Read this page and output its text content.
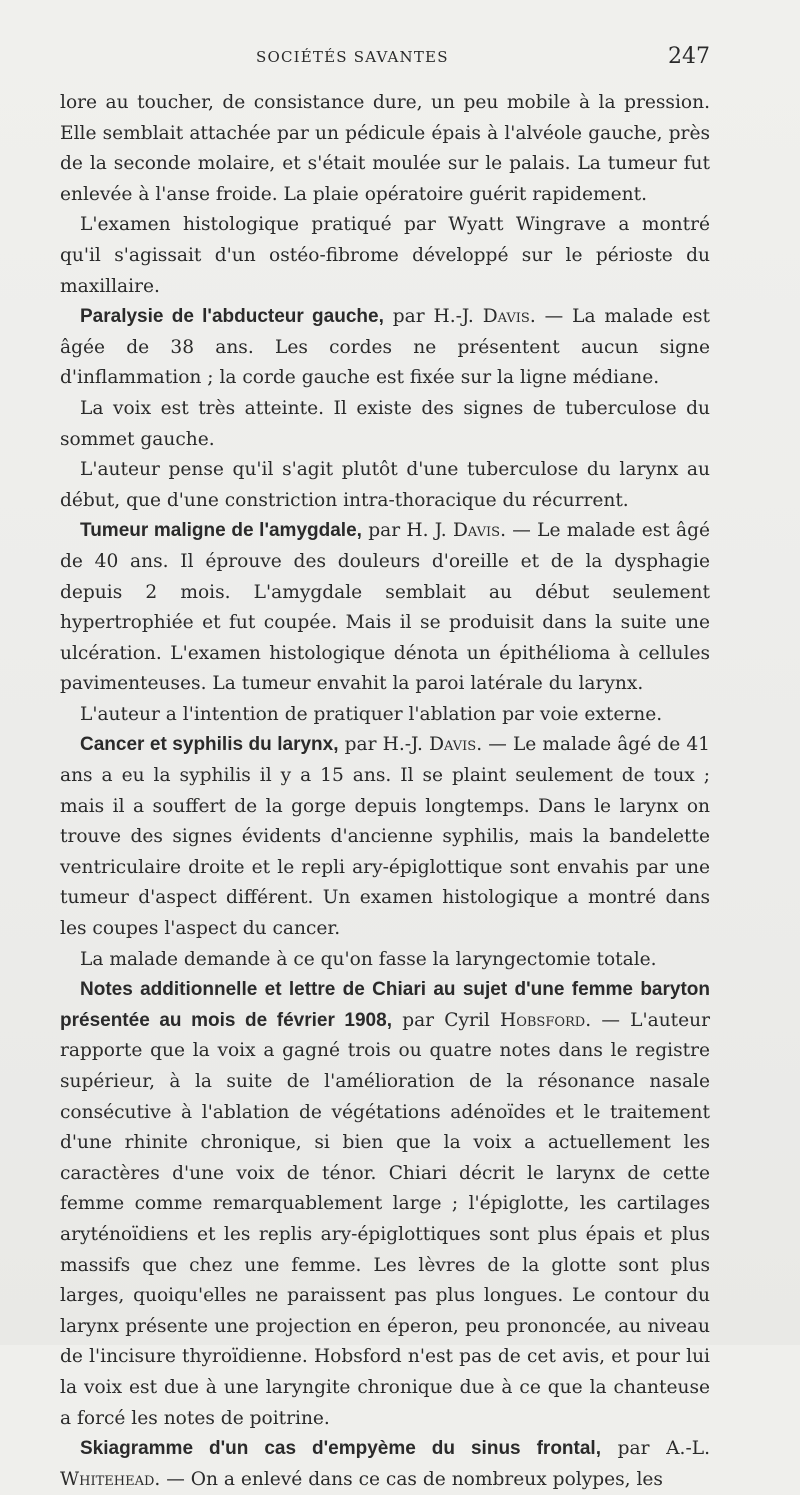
SOCIÉTÉS SAVANTES	247

lore au toucher, de consistance dure, un peu mobile à la pression. Elle semblait attachée par un pédicule épais à l'alvéole gauche, près de la seconde molaire, et s'était moulée sur le palais. La tumeur fut enlevée à l'anse froide. La plaie opératoire guérit rapidement.

L'examen histologique pratiqué par Wyatt Wingrave a montré qu'il s'agissait d'un ostéo-fibrome développé sur le périoste du maxillaire.

Paralysie de l'abducteur gauche, par H.-J. Davis. — La malade est âgée de 38 ans. Les cordes ne présentent aucun signe d'inflammation ; la corde gauche est fixée sur la ligne médiane.

La voix est très atteinte. Il existe des signes de tuberculose du sommet gauche.

L'auteur pense qu'il s'agit plutôt d'une tuberculose du larynx au début, que d'une constriction intra-thoracique du récurrent.

Tumeur maligne de l'amygdale, par H. J. Davis. — Le malade est âgé de 40 ans. Il éprouve des douleurs d'oreille et de la dysphagie depuis 2 mois. L'amygdale semblait au début seulement hypertrophiée et fut coupée. Mais il se produisit dans la suite une ulcération. L'examen histologique dénota un épithélioma à cellules pavimenteuses. La tumeur envahit la paroi latérale du larynx.

L'auteur a l'intention de pratiquer l'ablation par voie externe.

Cancer et syphilis du larynx, par H.-J. Davis. — Le malade âgé de 41 ans a eu la syphilis il y a 15 ans. Il se plaint seulement de toux ; mais il a souffert de la gorge depuis longtemps. Dans le larynx on trouve des signes évidents d'ancienne syphilis, mais la bandelette ventriculaire droite et le repli ary-épiglottique sont envahis par une tumeur d'aspect différent. Un examen histologique a montré dans les coupes l'aspect du cancer.

La malade demande à ce qu'on fasse la laryngectomie totale.

Notes additionnelle et lettre de Chiari au sujet d'une femme baryton présentée au mois de février 1908, par Cyril Hobsford. — L'auteur rapporte que la voix a gagné trois ou quatre notes dans le registre supérieur, à la suite de l'amélioration de la résonance nasale consécutive à l'ablation de végétations adénoïdes et le traitement d'une rhinite chronique, si bien que la voix a actuellement les caractères d'une voix de ténor. Chiari décrit le larynx de cette femme comme remarquablement large ; l'épiglotte, les cartilages aryténoïdiens et les replis ary-épiglottiques sont plus épais et plus massifs que chez une femme. Les lèvres de la glotte sont plus larges, quoiqu'elles ne paraissent pas plus longues. Le contour du larynx présente une projection en éperon, peu prononcée, au niveau de l'incisure thyroïdienne. Hobsford n'est pas de cet avis, et pour lui la voix est due à une laryngite chronique due à ce que la chanteuse a forcé les notes de poitrine.

Skiagramme d'un cas d'empyème du sinus frontal, par A.-L. Whitehead. — On a enlevé dans ce cas de nombreux polypes, les
